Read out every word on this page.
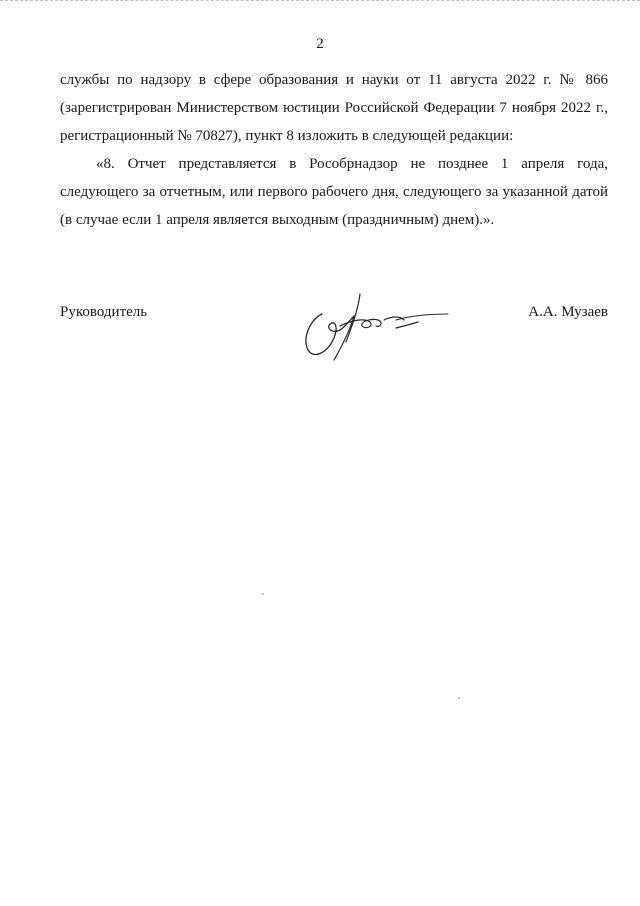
2

службы по надзору в сфере образования и науки от 11 августа 2022 г. № 866 (зарегистрирован Министерством юстиции Российской Федерации 7 ноября 2022 г., регистрационный № 70827), пункт 8 изложить в следующей редакции:

«8. Отчет представляется в Рособрнадзор не позднее 1 апреля года, следующего за отчетным, или первого рабочего дня, следующего за указанной датой (в случае если 1 апреля является выходным (праздничным) днем).».

Руководитель	А.А. Музаев
